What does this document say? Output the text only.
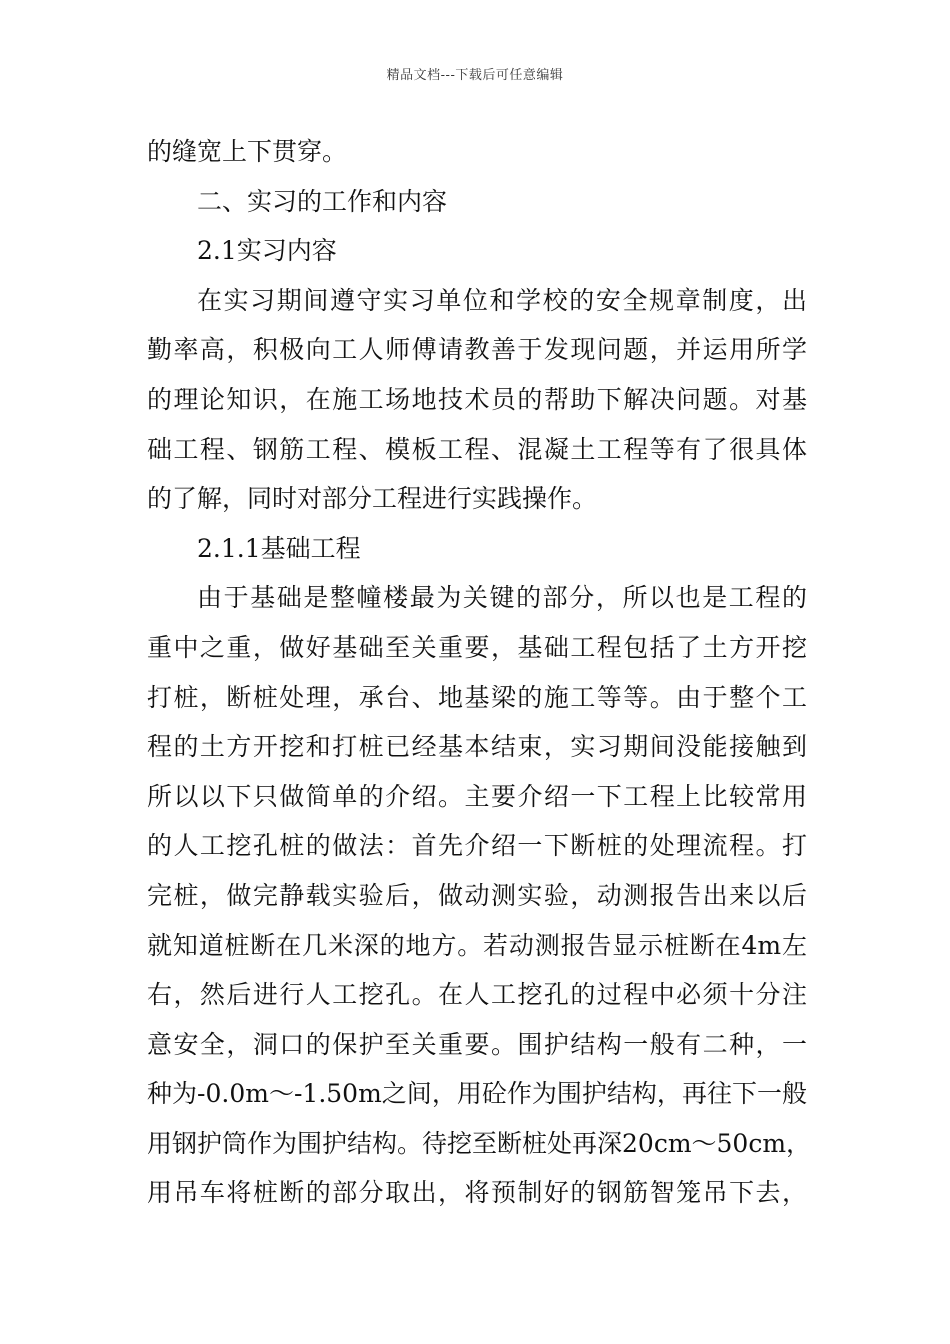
精品文档---下载后可任意编辑
的缝宽上下贯穿。
二、实习的工作和内容
2.1实习内容
在实习期间遵守实习单位和学校的安全规章制度，出
勤率高，积极向工人师傅请教善于发现问题，并运用所学
的理论知识，在施工场地技术员的帮助下解决问题。对基
础工程、钢筋工程、模板工程、混凝土工程等有了很具体
的了解，同时对部分工程进行实践操作。
2.1.1基础工程
由于基础是整幢楼最为关键的部分，所以也是工程的
重中之重，做好基础至关重要，基础工程包括了土方开挖
打桩，断桩处理，承台、地基梁的施工等等。由于整个工
程的土方开挖和打桩已经基本结束，实习期间没能接触到
所以以下只做简单的介绍。主要介绍一下工程上比较常用
的人工挖孔桩的做法：首先介绍一下断桩的处理流程。打
完桩，做完静载实验后，做动测实验，动测报告出来以后
就知道桩断在几米深的地方。若动测报告显示桩断在4m左
右，然后进行人工挖孔。在人工挖孔的过程中必须十分注
意安全，洞口的保护至关重要。围护结构一般有二种，一
种为-0.0m～-1.50m之间，用砼作为围护结构，再往下一般
用钢护筒作为围护结构。待挖至断桩处再深20cm～50cm，
用吊车将桩断的部分取出，将预制好的钢筋智笼吊下去，
